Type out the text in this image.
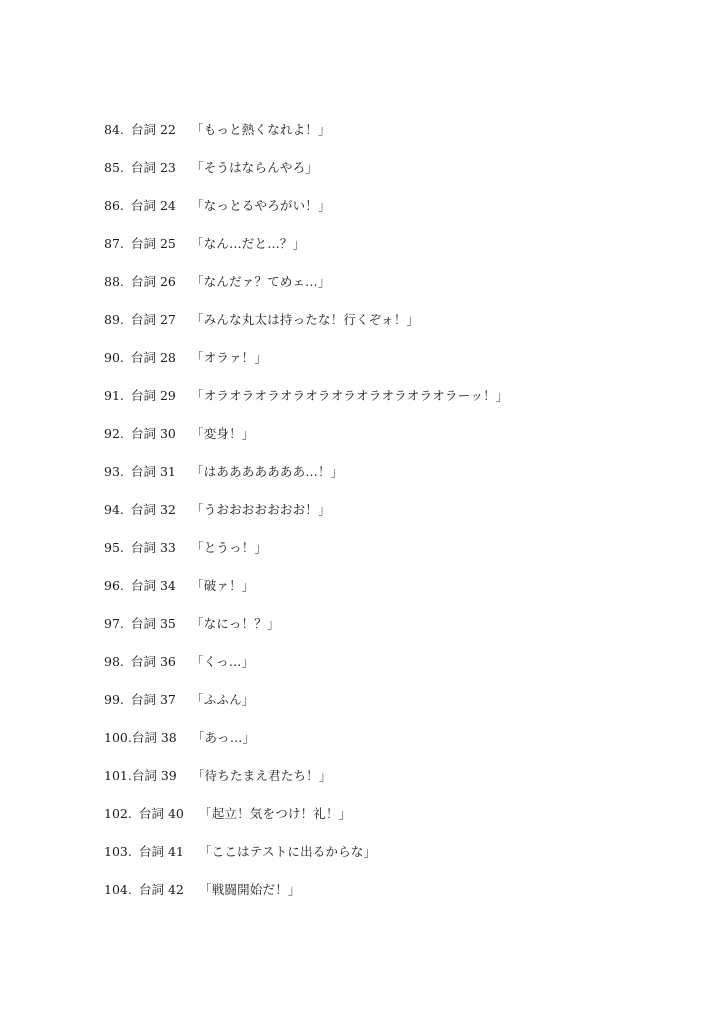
84. 台詞 22	「もっと熱くなれよ！」
85. 台詞 23	「そうはならんやろ」
86. 台詞 24	「なっとるやろがい！」
87. 台詞 25	「なん…だと…？」
88. 台詞 26	「なんだァ？てめェ…」
89. 台詞 27	「みんな丸太は持ったな！行くぞォ！」
90. 台詞 28	「オラァ！」
91. 台詞 29	「オラオラオラオラオラオラオラオラオラオラーッ！」
92. 台詞 30	「変身！」
93. 台詞 31	「はあああああああ…！」
94. 台詞 32	「うおおおおおおお！」
95. 台詞 33	「とうっ！」
96. 台詞 34	「破ァ！」
97. 台詞 35	「なにっ！？」
98. 台詞 36	「くっ…」
99. 台詞 37	「ふふん」
100. 台詞 38	「あっ…」
101. 台詞 39	「待ちたまえ君たち！」
102. 台詞 40	「起立！気をつけ！礼！」
103. 台詞 41	「ここはテストに出るからな」
104. 台詞 42	「戦闘開始だ！」
